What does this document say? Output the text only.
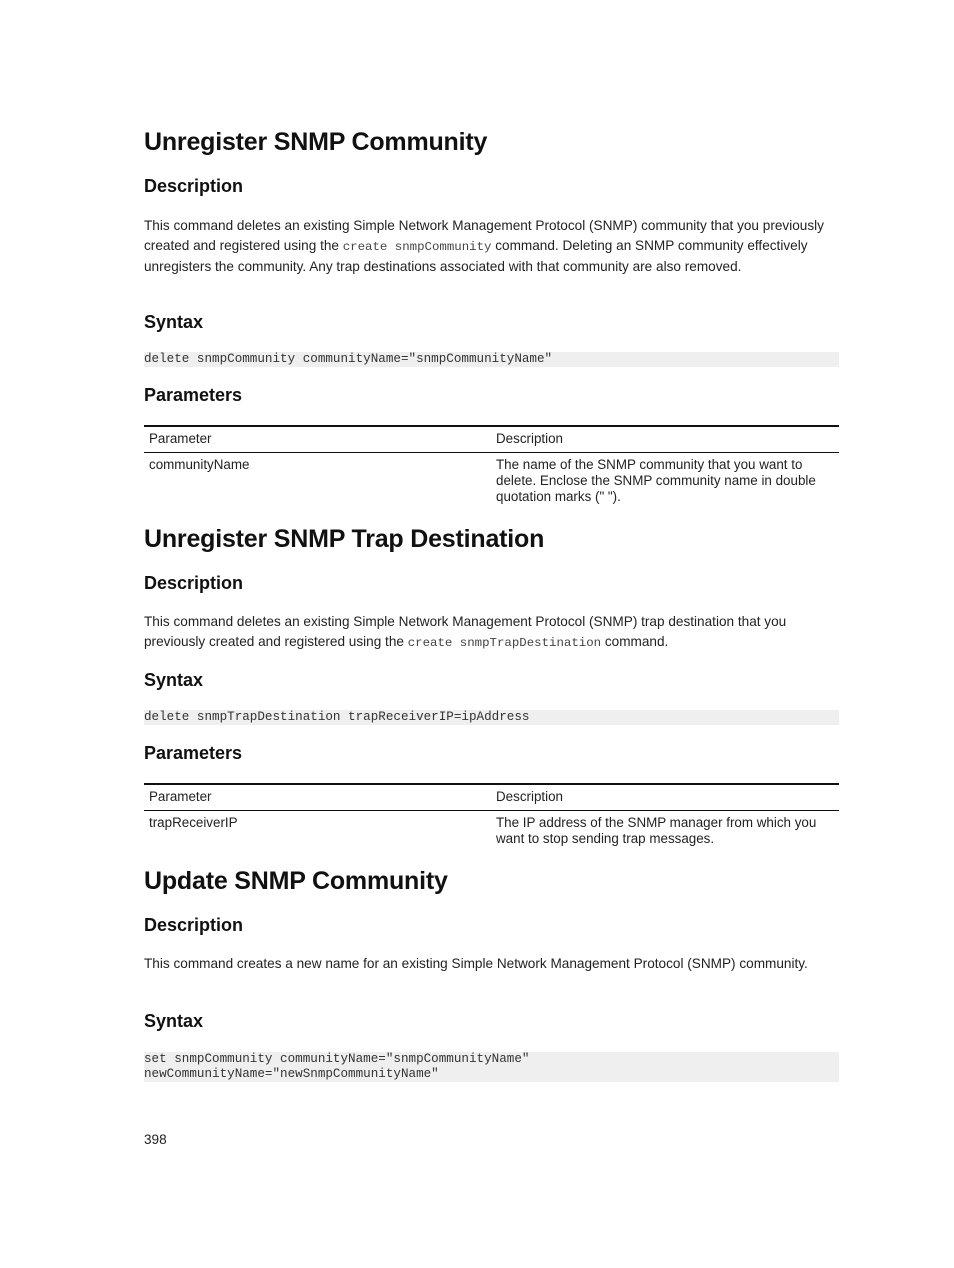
Unregister SNMP Community
Description

This command deletes an existing Simple Network Management Protocol (SNMP) community that you previously created and registered using the create snmpCommunity command. Deleting an SNMP community effectively unregisters the community. Any trap destinations associated with that community are also removed.

Syntax
delete snmpCommunity communityName="snmpCommunityName"
Parameters
Parameter	Description
communityName	The name of the SNMP community that you want to delete. Enclose the SNMP community name in double quotation marks (" ").
Unregister SNMP Trap Destination
Description

This command deletes an existing Simple Network Management Protocol (SNMP) trap destination that you previously created and registered using the create snmpTrapDestination command.

Syntax
delete snmpTrapDestination trapReceiverIP=ipAddress
Parameters
Parameter	Description
trapReceiverIP	The IP address of the SNMP manager from which you want to stop sending trap messages.
Update SNMP Community
Description

This command creates a new name for an existing Simple Network Management Protocol (SNMP) community.

Syntax
set snmpCommunity communityName="snmpCommunityName"
newCommunityName="newSnmpCommunityName"
398
